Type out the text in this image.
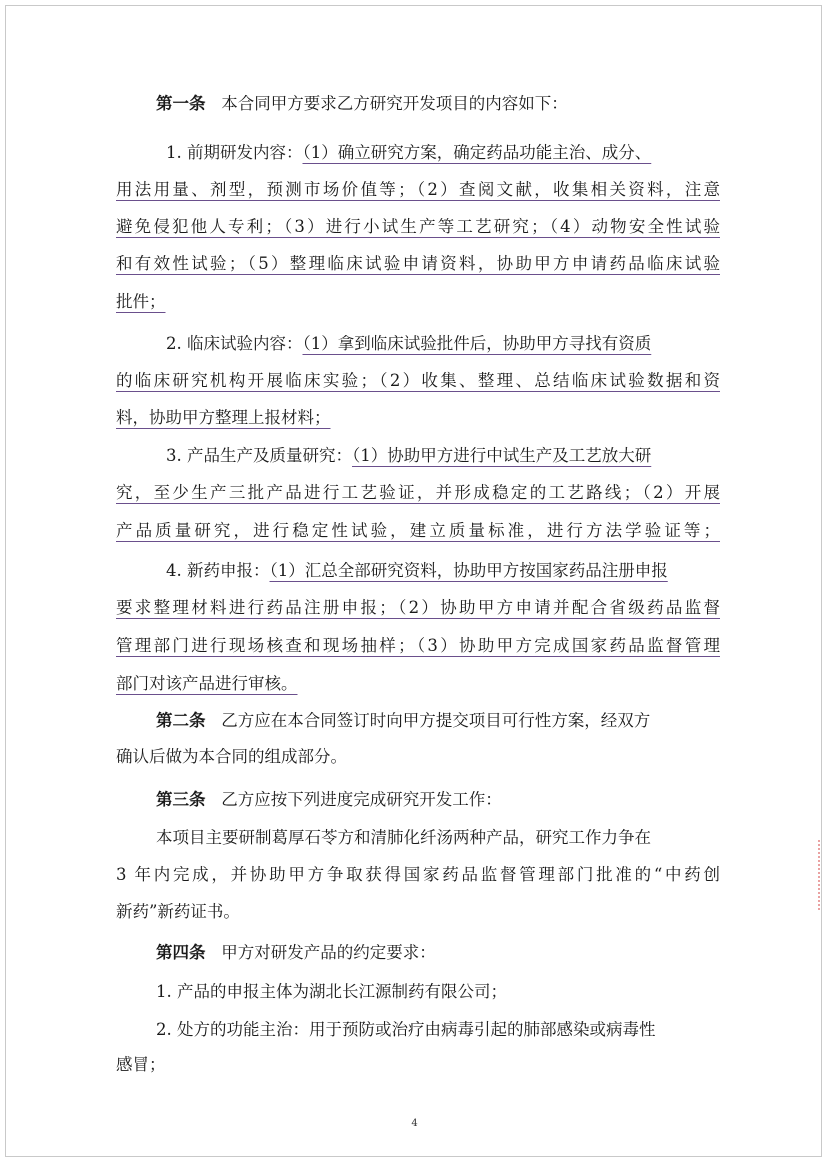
第一条 本合同甲方要求乙方研究开发项目的内容如下：
1. 前期研发内容：（1）确立研究方案，确定药品功能主治、成分、
用法用量、剂型，预测市场价值等；（2）查阅文献，收集相关资料，注意
避免侵犯他人专利；（3）进行小试生产等工艺研究；（4）动物安全性试验
和有效性试验；（5）整理临床试验申请资料，协助甲方申请药品临床试验
批件；
2. 临床试验内容：（1）拿到临床试验批件后，协助甲方寻找有资质
的临床研究机构开展临床实验；（2）收集、整理、总结临床试验数据和资
料，协助甲方整理上报材料；
3. 产品生产及质量研究：（1）协助甲方进行中试生产及工艺放大研
究，至少生产三批产品进行工艺验证，并形成稳定的工艺路线；（2）开展
产品质量研究，进行稳定性试验，建立质量标准，进行方法学验证等；
4. 新药申报：（1）汇总全部研究资料，协助甲方按国家药品注册申报
要求整理材料进行药品注册申报；（2）协助甲方申请并配合省级药品监督
管理部门进行现场核查和现场抽样；（3）协助甲方完成国家药品监督管理
部门对该产品进行审核。
第二条 乙方应在本合同签订时向甲方提交项目可行性方案，经双方
确认后做为本合同的组成部分。
第三条 乙方应按下列进度完成研究开发工作：
本项目主要研制葛厚石苓方和清肺化纤汤两种产品，研究工作力争在
3 年内完成，并协助甲方争取获得国家药品监督管理部门批准的“中药创
新药”新药证书。
第四条 甲方对研发产品的约定要求：
1. 产品的申报主体为湖北长江源制药有限公司；
2. 处方的功能主治：用于预防或治疗由病毒引起的肺部感染或病毒性
感冒；
4
